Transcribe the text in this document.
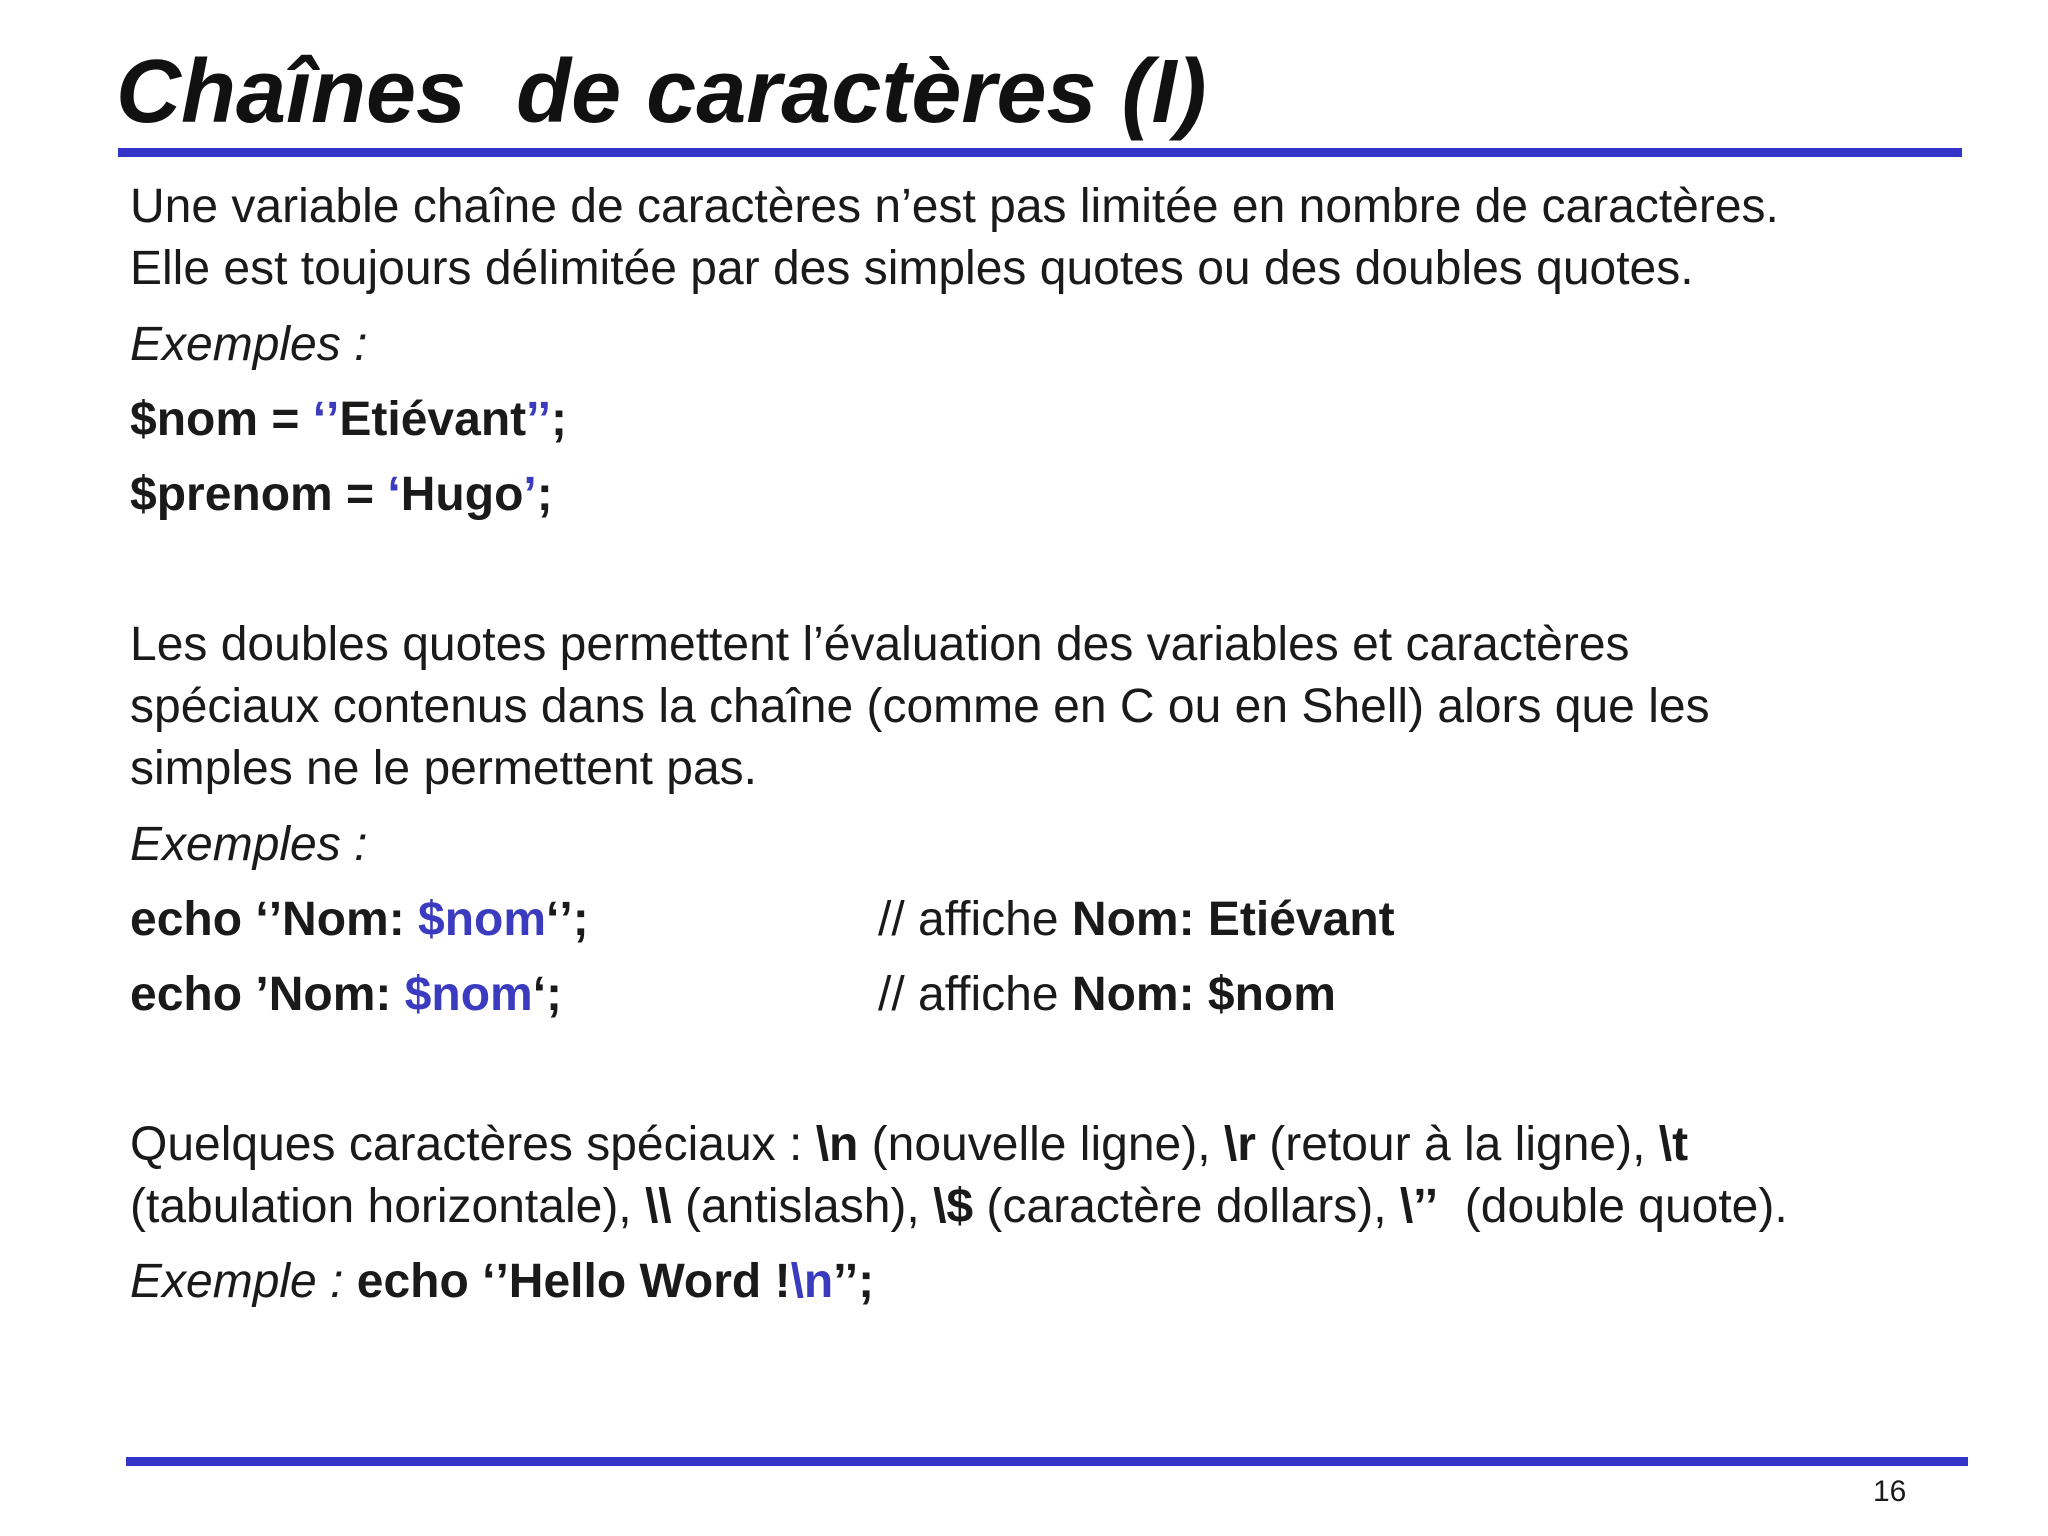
Chaînes  de caractères (I)
Une variable chaîne de caractères n’est pas limitée en nombre de caractères.
Elle est toujours délimitée par des simples quotes ou des doubles quotes.
Exemples :
$nom = ‘’Etiévant’’;
$prenom = ‘Hugo’;
Les doubles quotes permettent l’évaluation des variables et caractères
spéciaux contenus dans la chaîne (comme en C ou en Shell) alors que les
simples ne le permettent pas.
Exemples :
echo ‘’Nom: $nom‘’;	// affiche Nom: Etiévant
echo ’Nom: $nom‘;	// affiche Nom: $nom
Quelques caractères spéciaux : \n (nouvelle ligne), \r (retour à la ligne), \t
(tabulation horizontale), \\ (antislash), \$ (caractère dollars), \’’  (double quote).
Exemple : echo ‘’Hello Word !\n’’;
16
